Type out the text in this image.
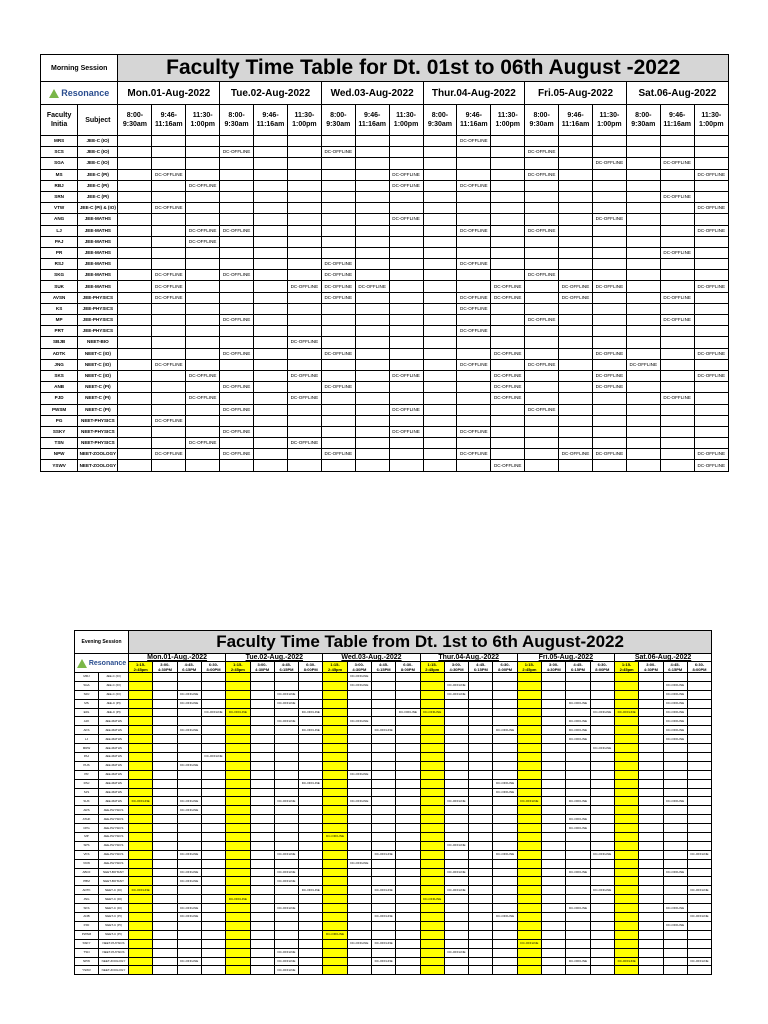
Morning Session		Faculty Time Table for Dt. 01st to 06th August -2022																	

Resonance		Mon.01-Aug-2022			Tue.02-Aug-2022			Wed.03-Aug-2022			Thur.04-Aug-2022			Fri.05-Aug-2022			Sat.06-Aug-2022		
Faculty Initia	Subject	8:00-9:30am	9:46-11:16am	11:30-1:00pm	8:00-9:30am	9:46-11:16am	11:30-1:00pm	8:00-9:30am	9:46-11:16am	11:30-1:00pm	8:00-9:30am	9:46-11:16am	11:30-1:00pm	8:00-9:30am	9:46-11:16am	11:30-1:00pm	8:00-9:30am	9:46-11:16am	11:30-1:00pm
MRS	JEE-C (IO)											DC-OFFLINE							
SCS	JEE-C (IO)				DC-OFFLINE			DC-OFFLINE						DC-OFFLINE					
SGA	JEE-C (IO)															DC-OFFLINE		DC-OFFLINE	
MS	JEE-C (PI)		DC-OFFLINE							DC-OFFLINE				DC-OFFLINE					DC-OFFLINE
RBJ	JEE-C (PI)			DC-OFFLINE						DC-OFFLINE		DC-OFFLINE							
SRN	JEE-C (PI)																	DC-OFFLINE	
VTW	JEE-C (PI) & (IO)		DC-OFFLINE																DC-OFFLINE
ANG	JEE-MATHS									DC-OFFLINE						DC-OFFLINE			
LJ	JEE-MATHS			DC-OFFLINE	DC-OFFLINE							DC-OFFLINE		DC-OFFLINE					DC-OFFLINE
PAJ	JEE-MATHS			DC-OFFLINE															
PR	JEE-MATHS																	DC-OFFLINE	
RSJ	JEE-MATHS							DC-OFFLINE				DC-OFFLINE							
SKG	JEE-MATHS		DC-OFFLINE		DC-OFFLINE			DC-OFFLINE						DC-OFFLINE					
SUK	JEE-MATHS		DC-OFFLINE				DC-OFFLINE	DC-OFFLINE	DC-OFFLINE				DC-OFFLINE		DC-OFFLINE	DC-OFFLINE			DC-OFFLINE
AVSN	JEE-PHYSICS		DC-OFFLINE					DC-OFFLINE				DC-OFFLINE	DC-OFFLINE		DC-OFFLINE			DC-OFFLINE	
KS	JEE-PHYSICS											DC-OFFLINE							
MP	JEE-PHYSICS				DC-OFFLINE									DC-OFFLINE				DC-OFFLINE	
PRT	JEE-PHYSICS											DC-OFFLINE							
SBJB	NEET-BIO						DC-OFFLINE												
ADTK	NEET-C (IO)				DC-OFFLINE			DC-OFFLINE					DC-OFFLINE			DC-OFFLINE			DC-OFFLINE
JNG	NEET-C (IO)		DC-OFFLINE									DC-OFFLINE		DC-OFFLINE			DC-OFFLINE		
SKS	NEET-C (IO)			DC-OFFLINE			DC-OFFLINE			DC-OFFLINE			DC-OFFLINE			DC-OFFLINE			DC-OFFLINE
ANB	NEET-C (PI)				DC-OFFLINE			DC-OFFLINE					DC-OFFLINE			DC-OFFLINE			
PJD	NEET-C (PI)			DC-OFFLINE			DC-OFFLINE						DC-OFFLINE					DC-OFFLINE	
PWSM	NEET-C (PI)				DC-OFFLINE					DC-OFFLINE				DC-OFFLINE					
PG	NEET-PHYSICS		DC-OFFLINE																
SSKY	NEET-PHYSICS				DC-OFFLINE					DC-OFFLINE		DC-OFFLINE							
TSN	NEET-PHYSICS			DC-OFFLINE			DC-OFFLINE												
NPW	NEET-ZOOLOGY		DC-OFFLINE		DC-OFFLINE			DC-OFFLINE				DC-OFFLINE			DC-OFFLINE	DC-OFFLINE			DC-OFFLINE
YSWV	NEET-ZOOLOGY												DC-OFFLINE						DC-OFFLINE
Evening Session		Faculty Time Table from Dt. 1st to 6th August-2022																							

Resonance		Mon.01-Aug.-2022				Tue.02-Aug.-2022				Wed.03-Aug.-2022				Thur.04-Aug.-2022				Fri.05-Aug.-2022				Sat.06-Aug.-2022			
		1:15-2:45pm	3:00-4:30PM	4:45-6:15PM	6:30-8:00PM	1:15-2:45pm	3:00-4:30PM	4:45-6:15PM	6:30-8:00PM	1:15-2:45pm	3:00-4:30PM	4:45-6:15PM	6:30-8:00PM	1:15-2:45pm	3:00-4:30PM	4:45-6:15PM	6:30-8:00PM	1:15-2:45pm	3:00-4:30PM	4:45-6:15PM	6:30-8:00PM	1:15-2:45pm	3:00-4:30PM	4:45-6:15PM	6:30-8:00PM
MRJ	JEE-C (IO)										DC-OFFLINE														
SGA	JEE-C (IO)										DC-OFFLINE				DC-OFFLINE									DC-OFFLINE	
SRJ	JEE-C (IO)			DC-OFFLINE				DC-OFFLINE							DC-OFFLINE									DC-OFFLINE	
MS	JEE-C (PI)			DC-OFFLINE				DC-OFFLINE												DC-OFFLINE				DC-OFFLINE	
ERL	JEE-C (PI)				DC-OFFLINE	DC-OFFLINE			DC-OFFLINE				DC-OFFLINE	DC-OFFLINE							DC-OFFLINE	DC-OFFLINE		DC-OFFLINE	
AJK	JEE-MATHS							DC-OFFLINE			DC-OFFLINE									DC-OFFLINE				DC-OFFLINE	
AKS	JEE-MATHS			DC-OFFLINE					DC-OFFLINE			DC-OFFLINE					DC-OFFLINE			DC-OFFLINE				DC-OFFLINE	
LJ	JEE-MATHS																			DC-OFFLINE				DC-OFFLINE	
MRW	JEE-MATHS																				DC-OFFLINE				
PAJ	JEE-MATHS				DC-OFFLINE																				
PHS	JEE-MATHS			DC-OFFLINE																					
PR	JEE-MATHS										DC-OFFLINE														
RSJ	JEE-MATHS								DC-OFFLINE								DC-OFFLINE								
SJS	JEE-MATHS																DC-OFFLINE								
SUK	JEE-MATHS	DC-OFFLINE		DC-OFFLINE				DC-OFFLINE			DC-OFFLINE				DC-OFFLINE			DC-OFFLINE		DC-OFFLINE				DC-OFFLINE	
ARS	JEE-PHYSICS			DC-OFFLINE																					
ATHK	JEE-PHYSICS																			DC-OFFLINE					
CPG	JEE-PHYSICS																			DC-OFFLINE					
MP	JEE-PHYSICS									DC-OFFLINE															
SPS	JEE-PHYSICS														DC-OFFLINE										
VKS	JEE-PHYSICS			DC-OFFLINE				DC-OFFLINE				DC-OFFLINE					DC-OFFLINE				DC-OFFLINE				DC-OFFLINE
VKW	JEE-PHYSICS										DC-OFFLINE														
ABCF	NEET-BOTANY			DC-OFFLINE				DC-OFFLINE							DC-OFFLINE					DC-OFFLINE				DC-OFFLINE	
PBM	NEET-BOTANY			DC-OFFLINE				DC-OFFLINE																	
ADTK	NEET-C (IO)	DC-OFFLINE							DC-OFFLINE			DC-OFFLINE			DC-OFFLINE						DC-OFFLINE				DC-OFFLINE
JNG	NEET-C (IO)					DC-OFFLINE								DC-OFFLINE											
SKS	NEET-C (IO)			DC-OFFLINE				DC-OFFLINE												DC-OFFLINE				DC-OFFLINE	
ANB	NEET-C (PI)			DC-OFFLINE								DC-OFFLINE					DC-OFFLINE								DC-OFFLINE
PJD	NEET-C (PI)																							DC-OFFLINE	
PWSM	NEET-C (PI)									DC-OFFLINE															
SSKY	NEET-PHYSICS										DC-OFFLINE	DC-OFFLINE						DC-OFFLINE							
TSN	NEET-PHYSICS							DC-OFFLINE							DC-OFFLINE										
NPW	NEET-ZOOLOGY			DC-OFFLINE				DC-OFFLINE				DC-OFFLINE								DC-OFFLINE		DC-OFFLINE			DC-OFFLINE
YSWV	NEET-ZOOLOGY							DC-OFFLINE																	
